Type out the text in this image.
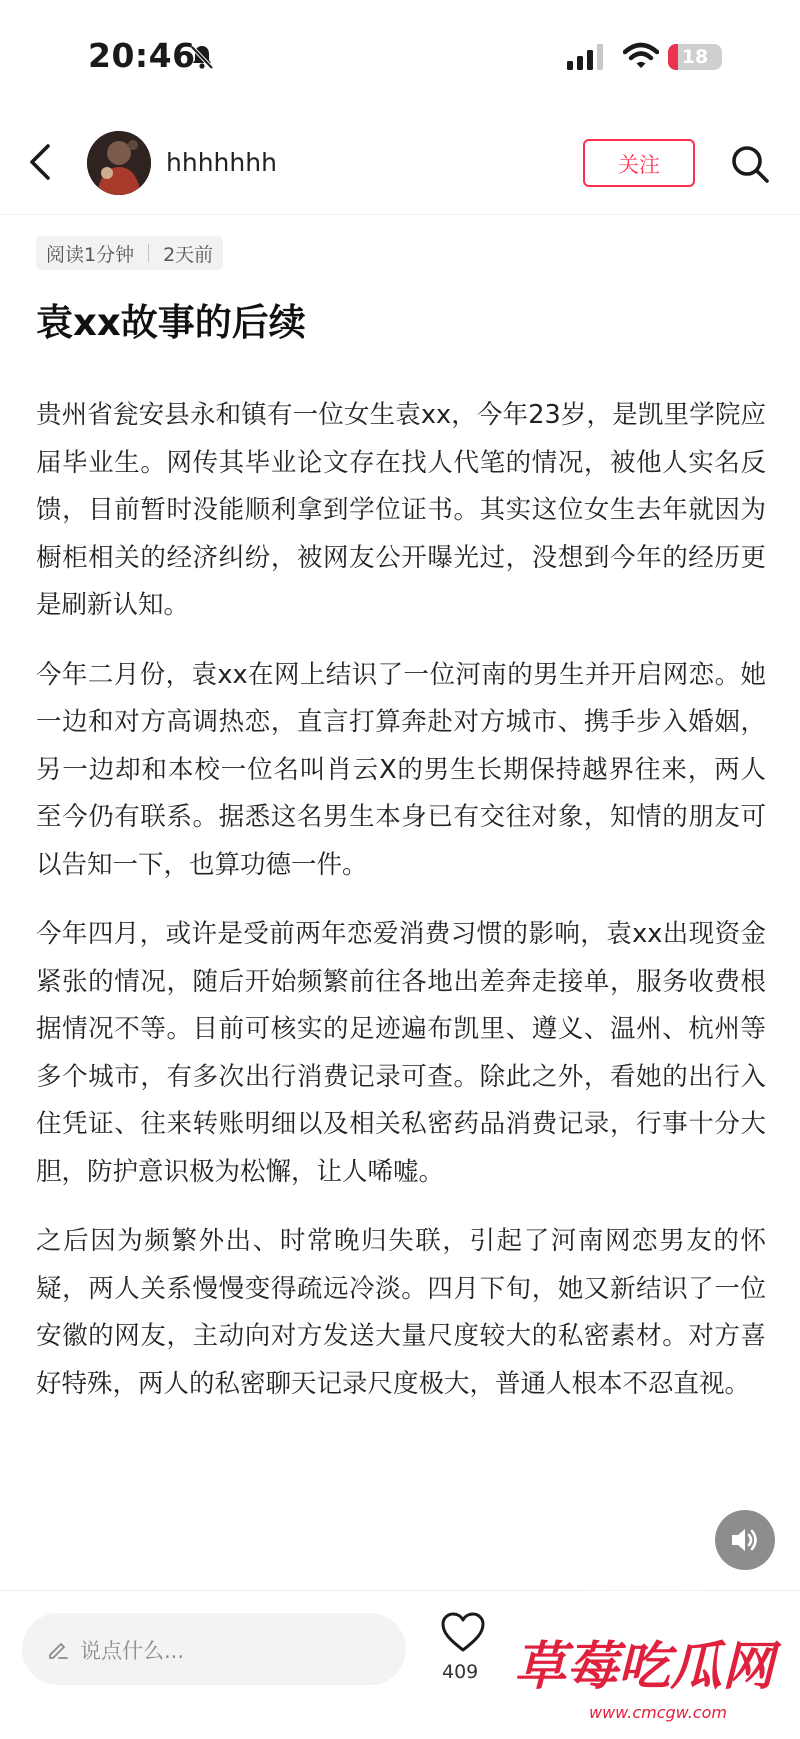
20:46	18
hhhhhhh	关注
阅读1分钟 2天前
袁xx故事的后续

贵州省瓮安县永和镇有一位女生袁xx，今年23岁，是凯里学院应届毕业生。网传其毕业论文存在找人代笔的情况，被他人实名反馈，目前暂时没能顺利拿到学位证书。其实这位女生去年就因为橱柜相关的经济纠纷，被网友公开曝光过，没想到今年的经历更是刷新认知。

今年二月份，袁xx在网上结识了一位河南的男生并开启网恋。她一边和对方高调热恋，直言打算奔赴对方城市、携手步入婚姻，另一边却和本校一位名叫肖云X的男生长期保持越界往来，两人至今仍有联系。据悉这名男生本身已有交往对象，知情的朋友可以告知一下，也算功德一件。

今年四月，或许是受前两年恋爱消费习惯的影响，袁xx出现资金紧张的情况，随后开始频繁前往各地出差奔走接单，服务收费根据情况不等。目前可核实的足迹遍布凯里、遵义、温州、杭州等多个城市，有多次出行消费记录可查。除此之外，看她的出行入住凭证、往来转账明细以及相关私密药品消费记录，行事十分大胆，防护意识极为松懈，让人唏嘘。

之后因为频繁外出、时常晚归失联，引起了河南网恋男友的怀疑，两人关系慢慢变得疏远冷淡。四月下旬，她又新结识了一位安徽的网友，主动向对方发送大量尺度较大的私密素材。对方喜好特殊，两人的私密聊天记录尺度极大，普通人根本不忍直视。

说点什么...
409 草莓吃瓜网
www.cmcgw.com
